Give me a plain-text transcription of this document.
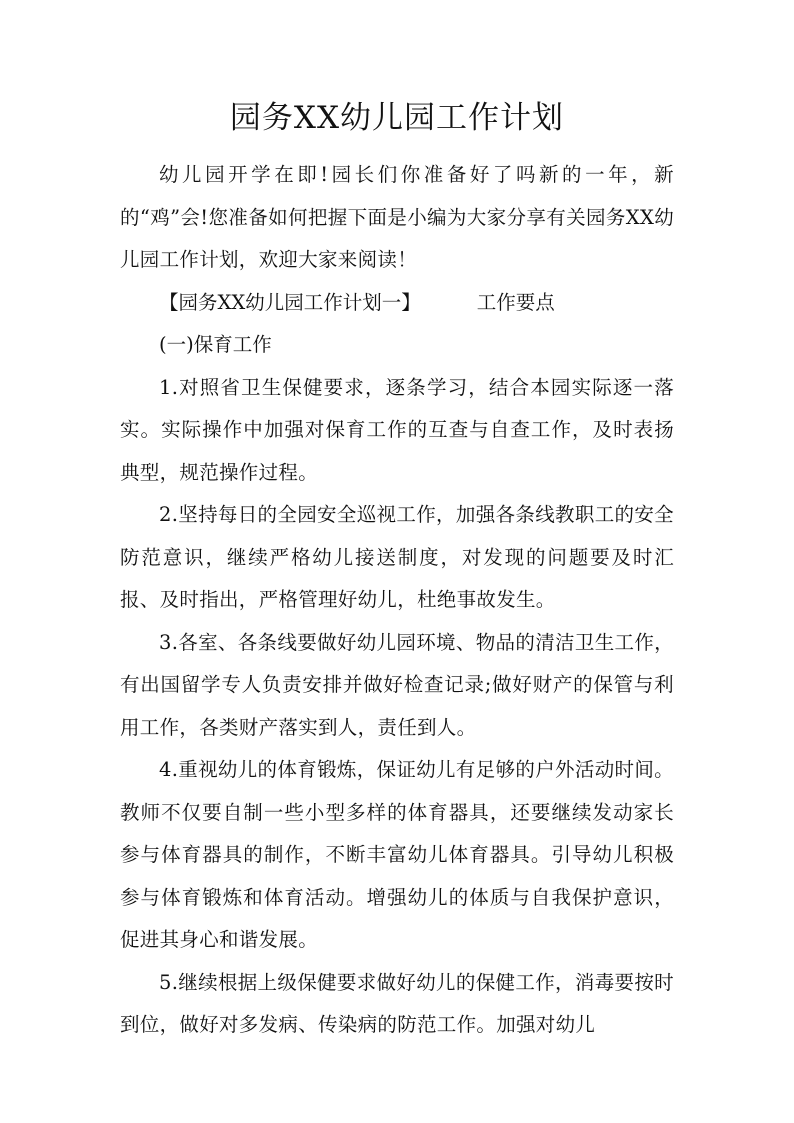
园务XX幼儿园工作计划

幼儿园开学在即!园长们你准备好了吗新的一年，新的“鸡”会!您准备如何把握下面是小编为大家分享有关园务XX幼儿园工作计划，欢迎大家来阅读！

【园务XX幼儿园工作计划一】	工作要点

(一)保育工作

1.对照省卫生保健要求，逐条学习，结合本园实际逐一落实。实际操作中加强对保育工作的互查与自查工作，及时表扬典型，规范操作过程。

2.坚持每日的全园安全巡视工作，加强各条线教职工的安全防范意识，继续严格幼儿接送制度，对发现的问题要及时汇报、及时指出，严格管理好幼儿，杜绝事故发生。

3.各室、各条线要做好幼儿园环境、物品的清洁卫生工作，有出国留学专人负责安排并做好检查记录;做好财产的保管与利用工作，各类财产落实到人，责任到人。

4.重视幼儿的体育锻炼，保证幼儿有足够的户外活动时间。教师不仅要自制一些小型多样的体育器具，还要继续发动家长参与体育器具的制作，不断丰富幼儿体育器具。引导幼儿积极参与体育锻炼和体育活动。增强幼儿的体质与自我保护意识，促进其身心和谐发展。

5.继续根据上级保健要求做好幼儿的保健工作，消毒要按时到位，做好对多发病、传染病的防范工作。加强对幼儿
